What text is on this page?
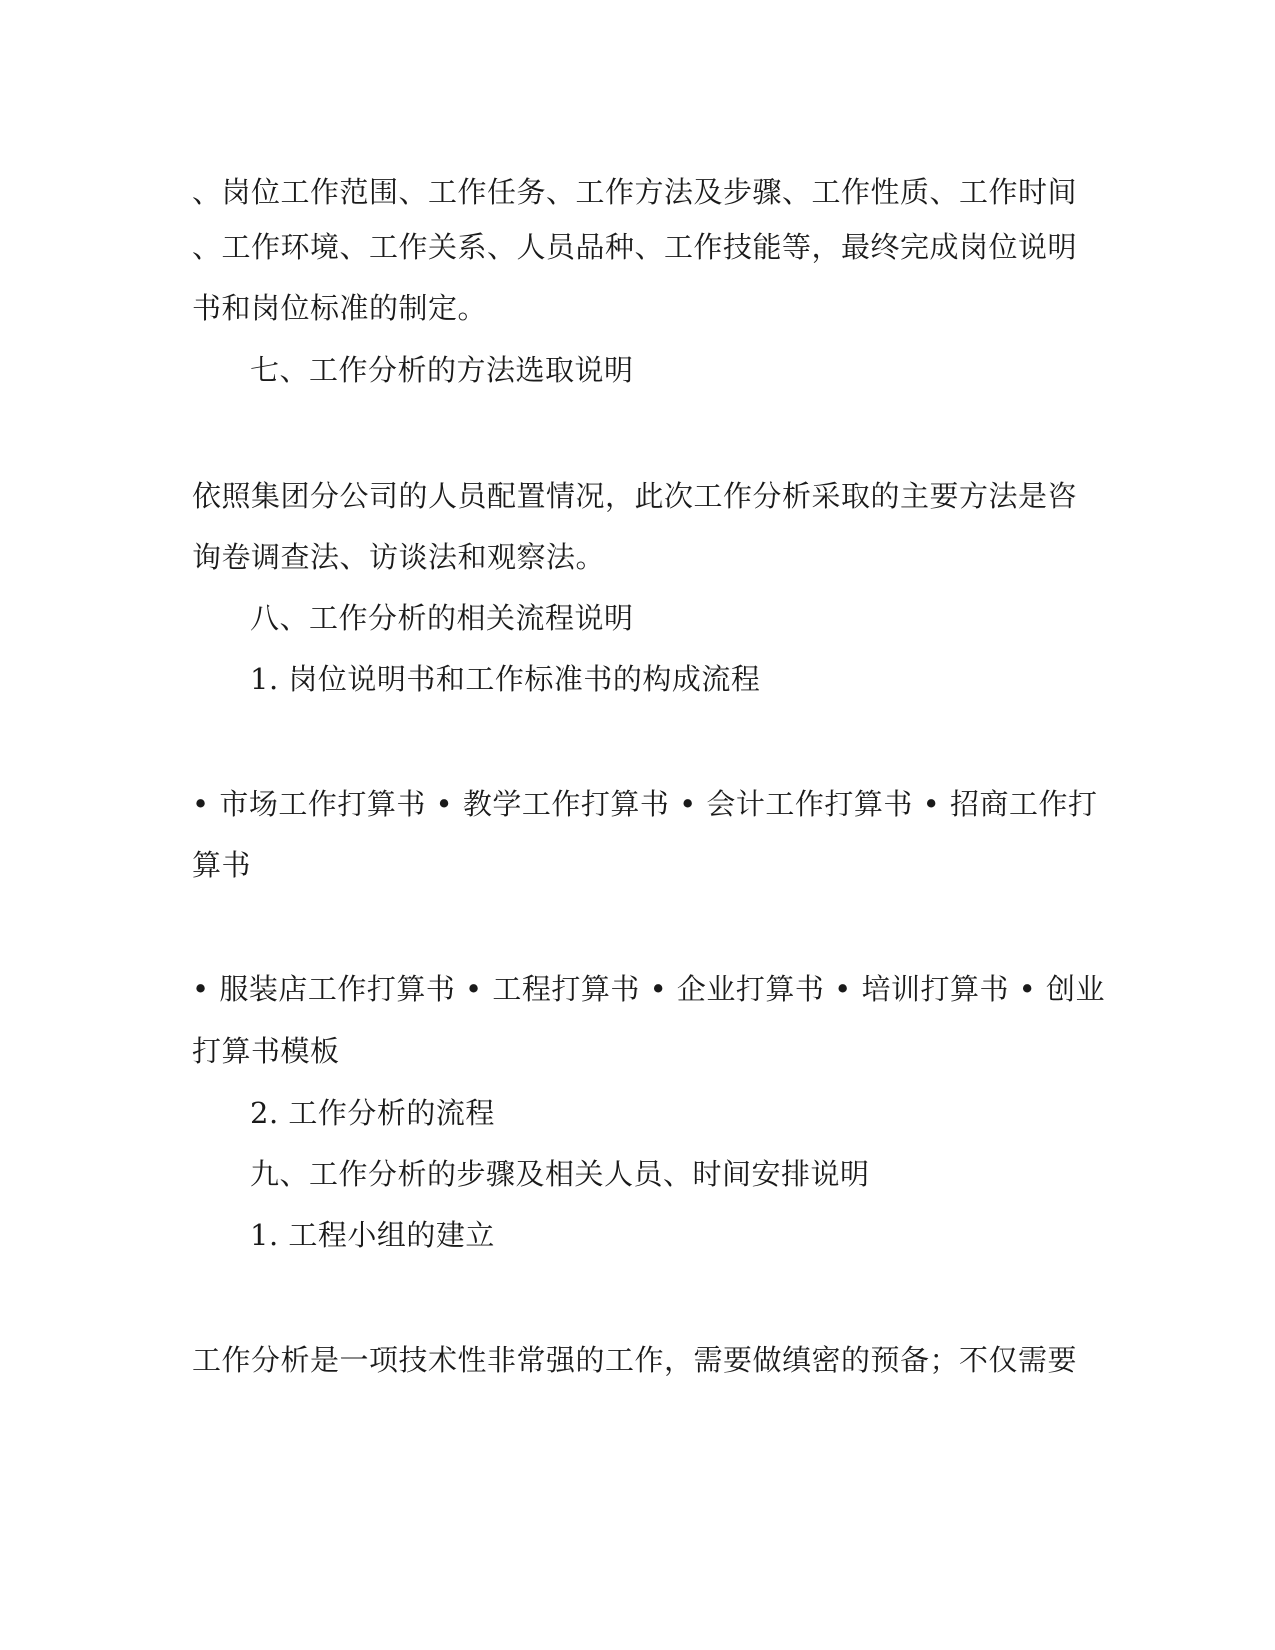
、岗位工作范围、工作任务、工作方法及步骤、工作性质、工作时间
、工作环境、工作关系、人员品种、工作技能等，最终完成岗位说明
书和岗位标准的制定。
七、工作分析的方法选取说明
依照集团分公司的人员配置情况，此次工作分析采取的主要方法是咨
询卷调查法、访谈法和观察法。
八、工作分析的相关流程说明
1. 岗位说明书和工作标准书的构成流程
• 市场工作打算书 • 教学工作打算书 • 会计工作打算书 • 招商工作打
算书
• 服装店工作打算书 • 工程打算书 • 企业打算书 • 培训打算书 • 创业
打算书模板
2. 工作分析的流程
九、工作分析的步骤及相关人员、时间安排说明
1. 工程小组的建立
工作分析是一项技术性非常强的工作，需要做缜密的预备；不仅需要
